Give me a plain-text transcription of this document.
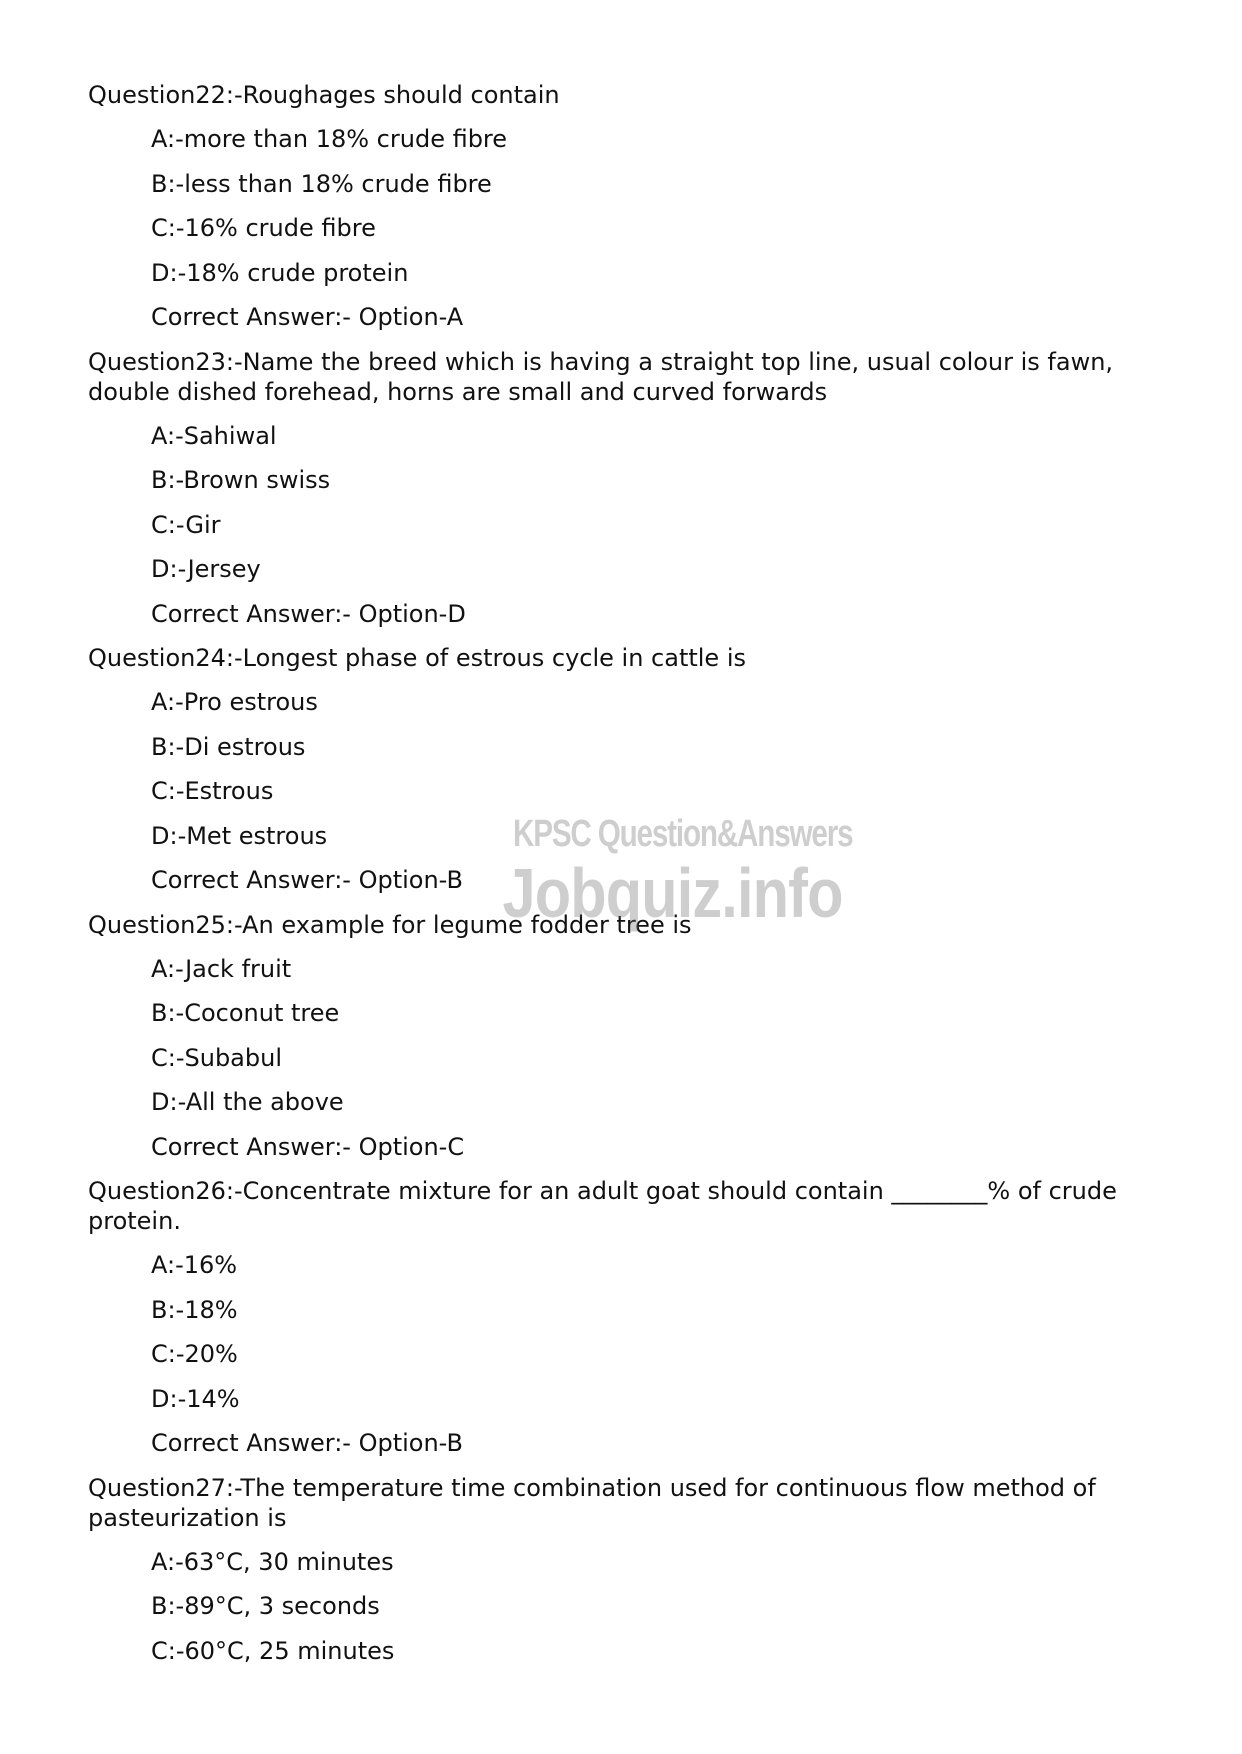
Question22:-Roughages should contain

A:-more than 18% crude fibre
B:-less than 18% crude fibre
C:-16% crude fibre
D:-18% crude protein
Correct Answer:- Option-A

Question23:-Name the breed which is having a straight top line, usual colour is fawn, double dished forehead, horns are small and curved forwards

A:-Sahiwal
B:-Brown swiss
C:-Gir
D:-Jersey
Correct Answer:- Option-D

Question24:-Longest phase of estrous cycle in cattle is

A:-Pro estrous
B:-Di estrous
C:-Estrous
D:-Met estrous
Correct Answer:- Option-B

Question25:-An example for legume fodder tree is

A:-Jack fruit
B:-Coconut tree
C:-Subabul
D:-All the above
Correct Answer:- Option-C

Question26:-Concentrate mixture for an adult goat should contain ________% of crude protein.

A:-16%
B:-18%
C:-20%
D:-14%
Correct Answer:- Option-B

Question27:-The temperature time combination used for continuous flow method of pasteurization is

A:-63°C, 30 minutes
B:-89°C, 3 seconds
C:-60°C, 25 minutes
KPSC Question&Answers
Jobquiz.info
